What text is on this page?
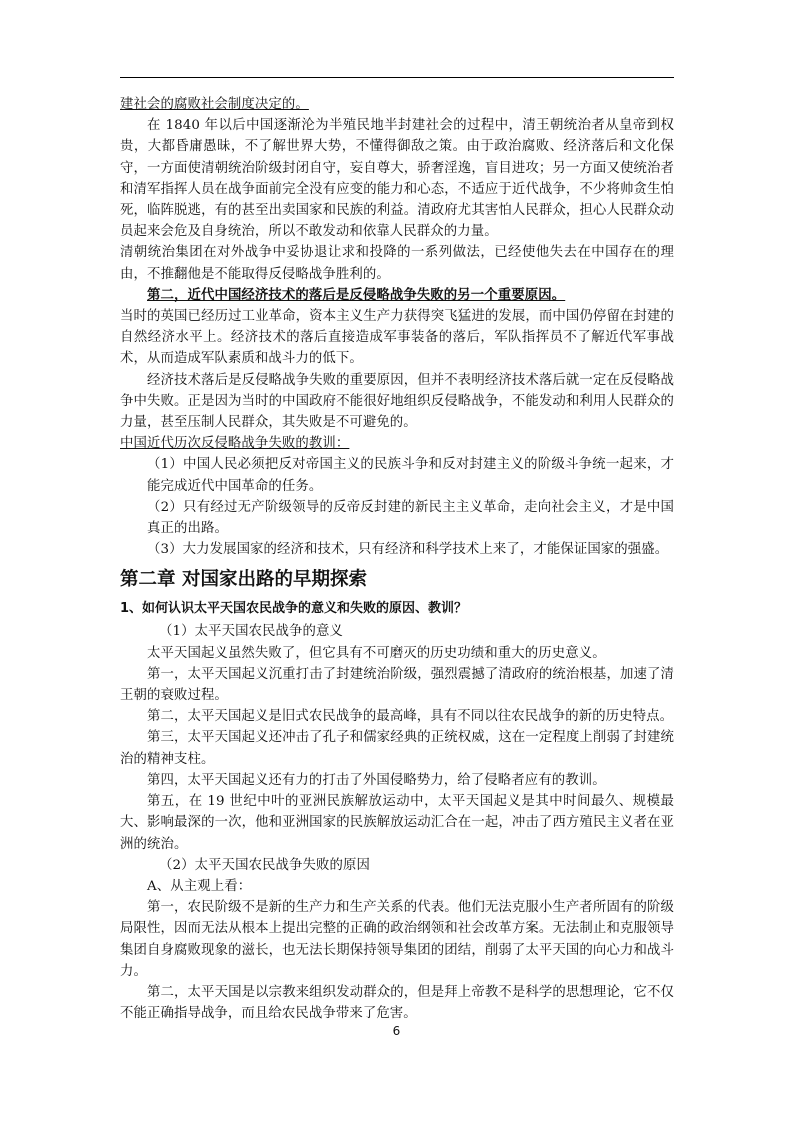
建社会的腐败社会制度决定的。

在 1840 年以后中国逐渐沦为半殖民地半封建社会的过程中，清王朝统治者从皇帝到权贵，大都昏庸愚昧，不了解世界大势，不懂得御敌之策。由于政治腐败、经济落后和文化保守，一方面使清朝统治阶级封闭自守，妄自尊大，骄奢淫逸，盲目进攻；另一方面又使统治者和清军指挥人员在战争面前完全没有应变的能力和心态，不适应于近代战争，不少将帅贪生怕死，临阵脱逃，有的甚至出卖国家和民族的利益。清政府尤其害怕人民群众，担心人民群众动员起来会危及自身统治，所以不敢发动和依靠人民群众的力量。

清朝统治集团在对外战争中妥协退让求和投降的一系列做法，已经使他失去在中国存在的理由，不推翻他是不能取得反侵略战争胜利的。

第二，近代中国经济技术的落后是反侵略战争失败的另一个重要原因。

当时的英国已经历过工业革命，资本主义生产力获得突飞猛进的发展，而中国仍停留在封建的自然经济水平上。经济技术的落后直接造成军事装备的落后，军队指挥员不了解近代军事战术，从而造成军队素质和战斗力的低下。

经济技术落后是反侵略战争失败的重要原因，但并不表明经济技术落后就一定在反侵略战争中失败。正是因为当时的中国政府不能很好地组织反侵略战争，不能发动和利用人民群众的力量，甚至压制人民群众，其失败是不可避免的。

中国近代历次反侵略战争失败的教训：

（1）中国人民必须把反对帝国主义的民族斗争和反对封建主义的阶级斗争统一起来，才能完成近代中国革命的任务。

（2）只有经过无产阶级领导的反帝反封建的新民主主义革命，走向社会主义，才是中国真正的出路。

（3）大力发展国家的经济和技术，只有经济和科学技术上来了，才能保证国家的强盛。

第二章 对国家出路的早期探索
1、如何认识太平天国农民战争的意义和失败的原因、教训？

（1）太平天国农民战争的意义

太平天国起义虽然失败了，但它具有不可磨灭的历史功绩和重大的历史意义。

第一，太平天国起义沉重打击了封建统治阶级，强烈震撼了清政府的统治根基，加速了清王朝的衰败过程。

第二，太平天国起义是旧式农民战争的最高峰，具有不同以往农民战争的新的历史特点。

第三，太平天国起义还冲击了孔子和儒家经典的正统权威，这在一定程度上削弱了封建统治的精神支柱。

第四，太平天国起义还有力的打击了外国侵略势力，给了侵略者应有的教训。

第五，在 19 世纪中叶的亚洲民族解放运动中，太平天国起义是其中时间最久、规模最大、影响最深的一次，他和亚洲国家的民族解放运动汇合在一起，冲击了西方殖民主义者在亚洲的统治。

（2）太平天国农民战争失败的原因

A、从主观上看：

第一，农民阶级不是新的生产力和生产关系的代表。他们无法克服小生产者所固有的阶级局限性，因而无法从根本上提出完整的正确的政治纲领和社会改革方案。无法制止和克服领导集团自身腐败现象的滋长，也无法长期保持领导集团的团结，削弱了太平天国的向心力和战斗力。

第二，太平天国是以宗教来组织发动群众的，但是拜上帝教不是科学的思想理论，它不仅不能正确指导战争，而且给农民战争带来了危害。

6
